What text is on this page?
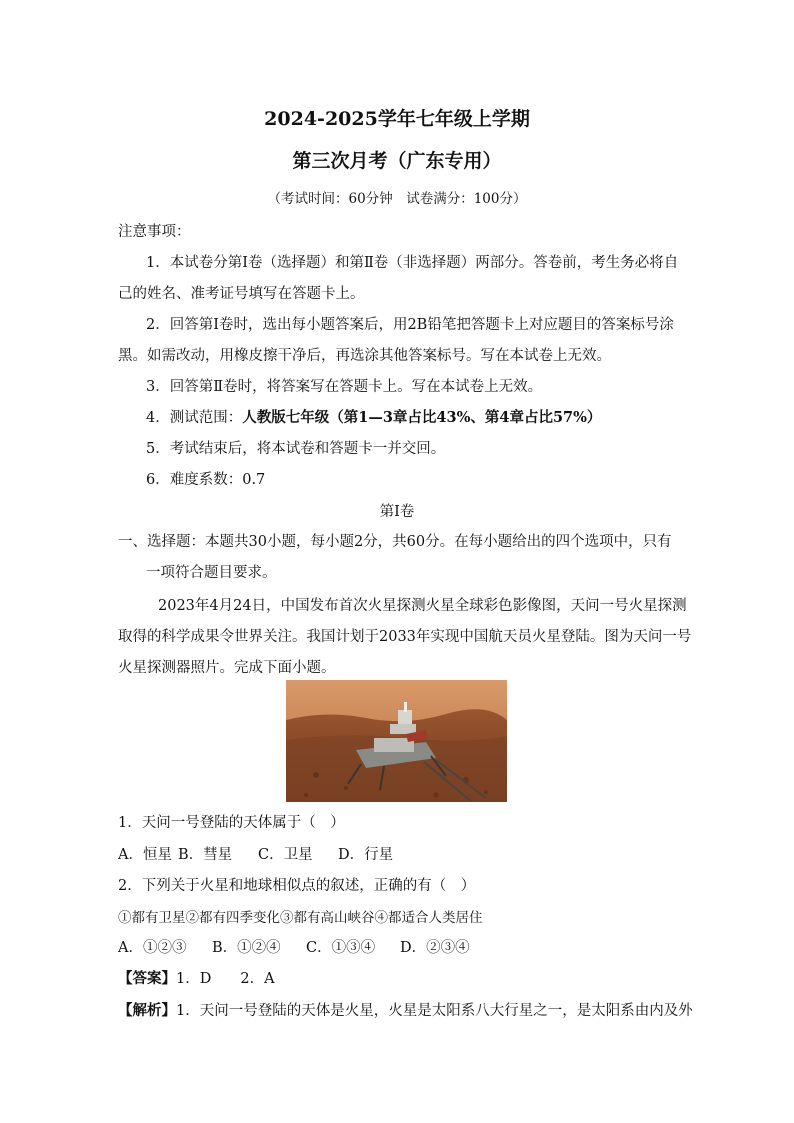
2024-2025学年七年级上学期
第三次月考（广东专用）
（考试时间：60分钟　试卷满分：100分）
注意事项：
1．本试卷分第Ⅰ卷（选择题）和第Ⅱ卷（非选择题）两部分。答卷前，考生务必将自
己的姓名、准考证号填写在答题卡上。
2．回答第Ⅰ卷时，选出每小题答案后，用2B铅笔把答题卡上对应题目的答案标号涂
黑。如需改动，用橡皮擦干净后，再选涂其他答案标号。写在本试卷上无效。
3．回答第Ⅱ卷时，将答案写在答题卡上。写在本试卷上无效。
4．测试范围：人教版七年级（第1—3章占比43%、第4章占比57%）
5．考试结束后，将本试卷和答题卡一并交回。
6．难度系数：0.7
第Ⅰ卷
一、选择题：本题共30小题，每小题2分，共60分。在每小题给出的四个选项中，只有
一项符合题目要求。
2023年4月24日，中国发布首次火星探测火星全球彩色影像图，天问一号火星探测
取得的科学成果令世界关注。我国计划于2033年实现中国航天员火星登陆。图为天问一号
火星探测器照片。完成下面小题。
1．天问一号登陆的天体属于（　）
A．恒星 B．彗星 C．卫星 D．行星
2．下列关于火星和地球相似点的叙述，正确的有（　）
①都有卫星②都有四季变化③都有高山峡谷④都适合人类居住
A．①②③ B．①②④ C．①③④ D．②③④
【答案】1．D　　2．A
【解析】1．天问一号登陆的天体是火星，火星是太阳系八大行星之一，是太阳系由内及外
